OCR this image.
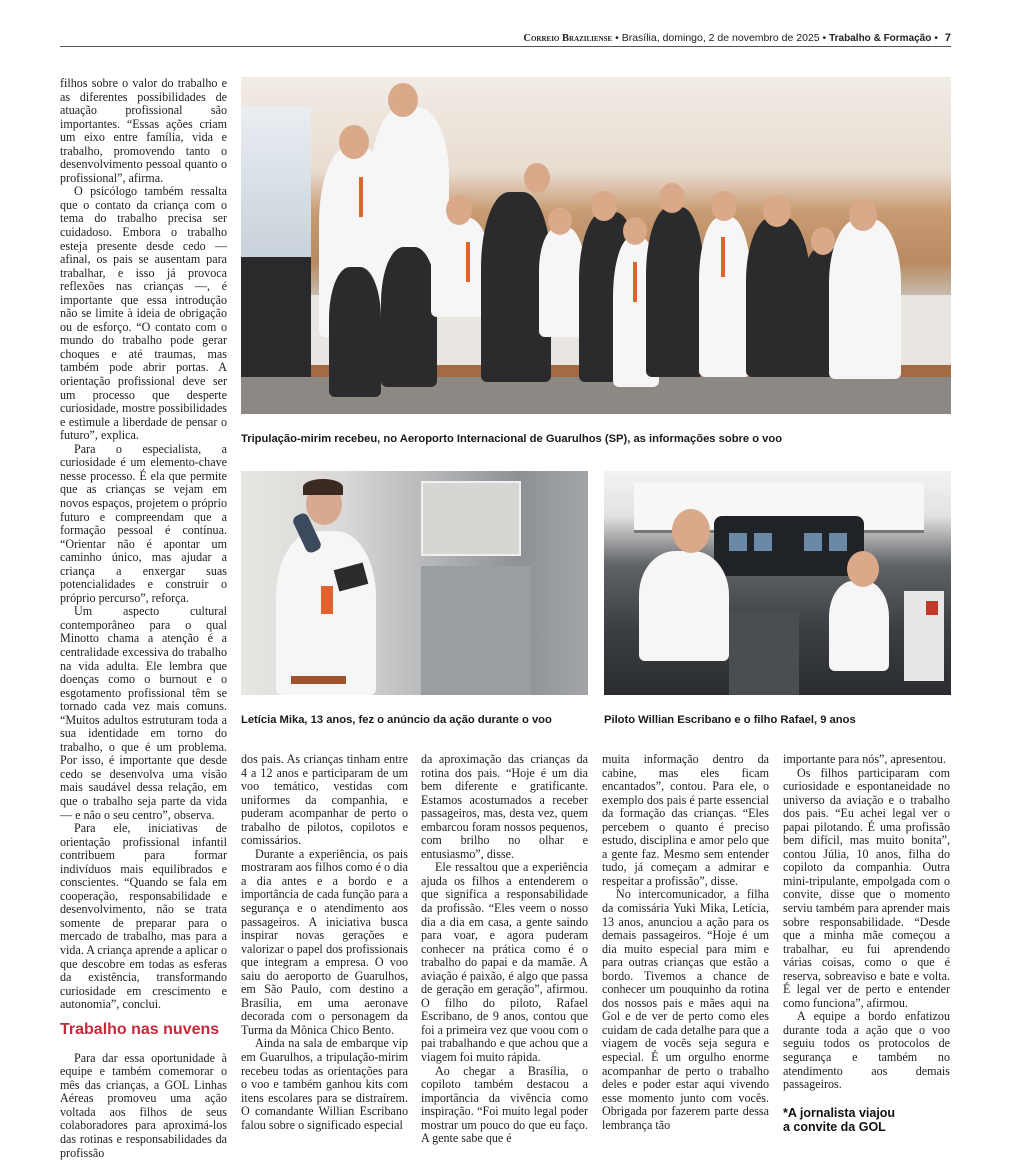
Correio Braziliense • Brasília, domingo, 2 de novembro de 2025 • Trabalho & Formação • 7

filhos sobre o valor do trabalho e as diferentes possibilidades de atuação profissional são importantes. “Essas ações criam um eixo entre família, vida e trabalho, promovendo tanto o desenvolvimento pessoal quanto o profissional”, afirma.

O psicólogo também ressalta que o contato da criança com o tema do trabalho precisa ser cuidadoso. Embora o trabalho esteja presente desde cedo — afinal, os pais se ausentam para trabalhar, e isso já provoca reflexões nas crianças —, é importante que essa introdução não se limite à ideia de obrigação ou de esforço. “O contato com o mundo do trabalho pode gerar choques e até traumas, mas também pode abrir portas. A orientação profissional deve ser um processo que desperte curiosidade, mostre possibilidades e estimule a liberdade de pensar o futuro”, explica.

Para o especialista, a curiosidade é um elemento-chave nesse processo. É ela que permite que as crianças se vejam em novos espaços, projetem o próprio futuro e compreendam que a formação pessoal é contínua. “Orientar não é apontar um caminho único, mas ajudar a criança a enxergar suas potencialidades e construir o próprio percurso”, reforça.

Um aspecto cultural contemporâneo para o qual Minotto chama a atenção é a centralidade excessiva do trabalho na vida adulta. Ele lembra que doenças como o burnout e o esgotamento profissional têm se tornado cada vez mais comuns. “Muitos adultos estruturam toda a sua identidade em torno do trabalho, o que é um problema. Por isso, é importante que desde cedo se desenvolva uma visão mais saudável dessa relação, em que o trabalho seja parte da vida — e não o seu centro”, observa.

Para ele, iniciativas de orientação profissional infantil contribuem para formar indivíduos mais equilibrados e conscientes. “Quando se fala em cooperação, responsabilidade e desenvolvimento, não se trata somente de preparar para o mercado de trabalho, mas para a vida. A criança aprende a aplicar o que descobre em todas as esferas da existência, transformando curiosidade em crescimento e autonomia”, conclui.

Trabalho nas nuvens

Para dar essa oportunidade à equipe e também comemorar o mês das crianças, a GOL Linhas Aéreas promoveu uma ação voltada aos filhos de seus colaboradores para aproximá-los das rotinas e responsabilidades da profissão

Tripulação-mirim recebeu, no Aeroporto Internacional de Guarulhos (SP), as informações sobre o voo
Letícia Mika, 13 anos, fez o anúncio da ação durante o voo	Piloto Willian Escribano e o filho Rafael, 9 anos

dos pais. As crianças tinham entre 4 a 12 anos e participaram de um voo temático, vestidas com uniformes da companhia, e puderam acompanhar de perto o trabalho de pilotos, copilotos e comissários.

Durante a experiência, os pais mostraram aos filhos como é o dia a dia antes e a bordo e a importância de cada função para a segurança e o atendimento aos passageiros. A iniciativa busca inspirar novas gerações e valorizar o papel dos profissionais que integram a empresa. O voo saiu do aeroporto de Guarulhos, em São Paulo, com destino a Brasília, em uma aeronave decorada com o personagem da Turma da Mônica Chico Bento.

Ainda na sala de embarque vip em Guarulhos, a tripulação-mirim recebeu todas as orientações para o voo e também ganhou kits com itens escolares para se distraírem. O comandante Willian Escribano falou sobre o significado especial

da aproximação das crianças da rotina dos pais. “Hoje é um dia bem diferente e gratificante. Estamos acostumados a receber passageiros, mas, desta vez, quem embarcou foram nossos pequenos, com brilho no olhar e entusiasmo”, disse.

Ele ressaltou que a experiência ajuda os filhos a entenderem o que significa a responsabilidade da profissão. “Eles veem o nosso dia a dia em casa, a gente saindo para voar, e agora puderam conhecer na prática como é o trabalho do papai e da mamãe. A aviação é paixão, é algo que passa de geração em geração”, afirmou. O filho do piloto, Rafael Escribano, de 9 anos, contou que foi a primeira vez que voou com o pai trabalhando e que achou que a viagem foi muito rápida.

Ao chegar a Brasília, o copiloto também destacou a importância da vivência como inspiração. “Foi muito legal poder mostrar um pouco do que eu faço. A gente sabe que é

muita informação dentro da cabine, mas eles ficam encantados”, contou. Para ele, o exemplo dos pais é parte essencial da formação das crianças. “Eles percebem o quanto é preciso estudo, disciplina e amor pelo que a gente faz. Mesmo sem entender tudo, já começam a admirar e respeitar a profissão”, disse.

No intercomunicador, a filha da comissária Yuki Mika, Letícia, 13 anos, anunciou a ação para os demais passageiros. “Hoje é um dia muito especial para mim e para outras crianças que estão a bordo. Tivemos a chance de conhecer um pouquinho da rotina dos nossos pais e mães aqui na Gol e de ver de perto como eles cuidam de cada detalhe para que a viagem de vocês seja segura e especial. É um orgulho enorme acompanhar de perto o trabalho deles e poder estar aqui vivendo esse momento junto com vocês. Obrigada por fazerem parte dessa lembrança tão

importante para nós”, apresentou.

Os filhos participaram com curiosidade e espontaneidade no universo da aviação e o trabalho dos pais. “Eu achei legal ver o papai pilotando. É uma profissão bem difícil, mas muito bonita”, contou Júlia, 10 anos, filha do copiloto da companhia. Outra mini-tripulante, empolgada com o convite, disse que o momento serviu também para aprender mais sobre responsabilidade. “Desde que a minha mãe começou a trabalhar, eu fui aprendendo várias coisas, como o que é reserva, sobreaviso e bate e volta. É legal ver de perto e entender como funciona”, afirmou.

A equipe a bordo enfatizou durante toda a ação que o voo seguiu todos os protocolos de segurança e também no atendimento aos demais passageiros.

*A jornalista viajou
a convite da GOL
